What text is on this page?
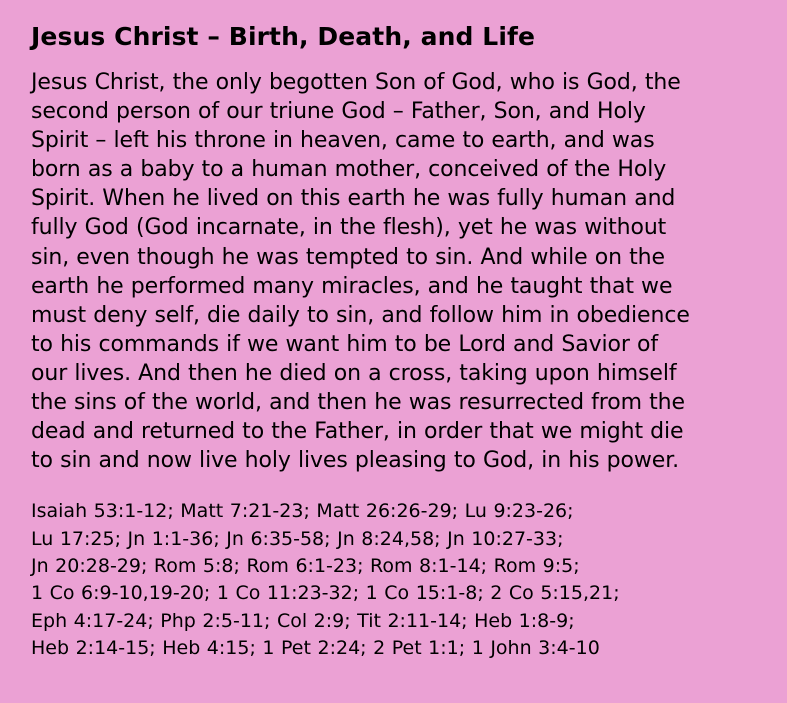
Jesus Christ – Birth, Death, and Life

Jesus Christ, the only begotten Son of God, who is God, the
second person of our triune God – Father, Son, and Holy
Spirit – left his throne in heaven, came to earth, and was
born as a baby to a human mother, conceived of the Holy
Spirit. When he lived on this earth he was fully human and
fully God (God incarnate, in the flesh), yet he was without
sin, even though he was tempted to sin. And while on the
earth he performed many miracles, and he taught that we
must deny self, die daily to sin, and follow him in obedience
to his commands if we want him to be Lord and Savior of
our lives. And then he died on a cross, taking upon himself
the sins of the world, and then he was resurrected from the
dead and returned to the Father, in order that we might die
to sin and now live holy lives pleasing to God, in his power.

Isaiah 53:1-12; Matt 7:21-23; Matt 26:26-29; Lu 9:23-26;
Lu 17:25; Jn 1:1-36; Jn 6:35-58; Jn 8:24,58; Jn 10:27-33;
Jn 20:28-29; Rom 5:8; Rom 6:1-23; Rom 8:1-14; Rom 9:5;
1 Co 6:9-10,19-20; 1 Co 11:23-32; 1 Co 15:1-8; 2 Co 5:15,21;
Eph 4:17-24; Php 2:5-11; Col 2:9; Tit 2:11-14; Heb 1:8-9;
Heb 2:14-15; Heb 4:15; 1 Pet 2:24; 2 Pet 1:1; 1 John 3:4-10
